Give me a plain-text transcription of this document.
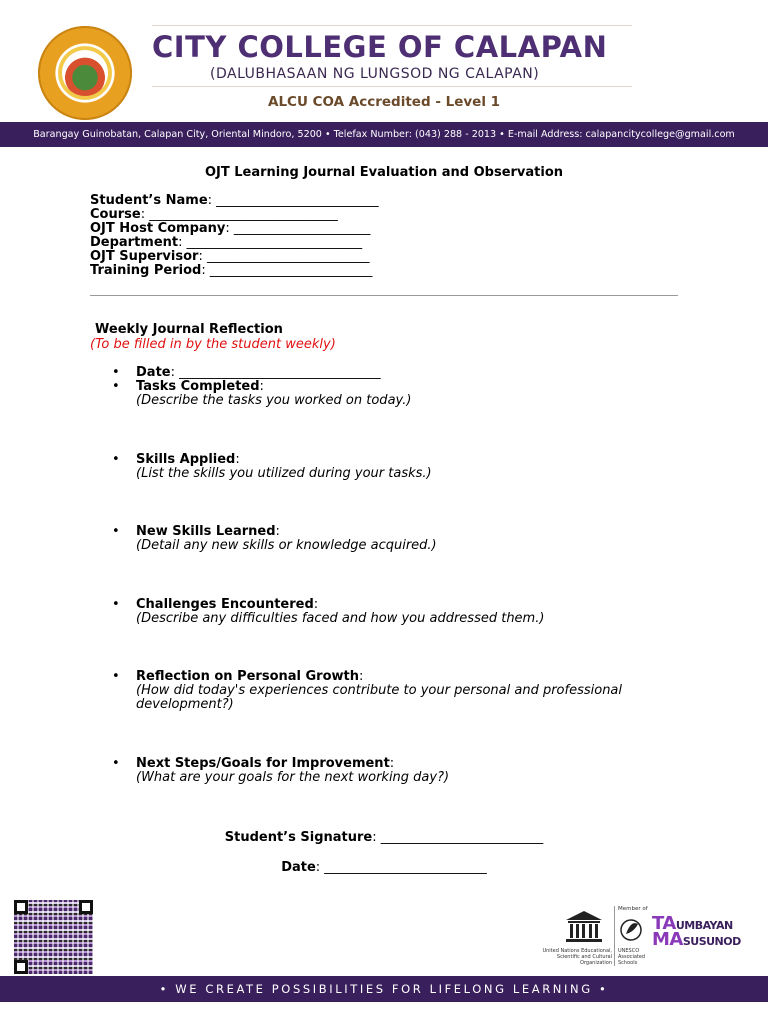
CITY COLLEGE OF CALAPAN
(DALUBHASAAN NG LUNGSOD NG CALAPAN)
ALCU COA Accredited - Level 1
Barangay Guinobatan, Calapan City, Oriental Mindoro, 5200 • Telefax Number: (043) 288 - 2013 • E-mail Address: calapancitycollege@gmail.com
OJT Learning Journal Evaluation and Observation
Student’s Name: _________________________
Course: _____________________________
OJT Host Company: _____________________
Department: ___________________________
OJT Supervisor: _________________________
Training Period: _________________________
Weekly Journal Reflection
(To be filled in by the student weekly)
• Date: _______________________________
• Tasks Completed:
(Describe the tasks you worked on today.)
• Skills Applied:
(List the skills you utilized during your tasks.)
• New Skills Learned:
(Detail any new skills or knowledge acquired.)
• Challenges Encountered:
(Describe any difficulties faced and how you addressed them.)
• Reflection on Personal Growth:
(How did today's experiences contribute to your personal and professional development?)
• Next Steps/Goals for Improvement:
(What are your goals for the next working day?)
Student’s Signature: _________________________
Date: _________________________
United Nations Educational, Scientific and Cultural Organization
Member of
UNESCO Associated Schools
TAUMBAYAN
MASUSUNOD
• WE CREATE POSSIBILITIES FOR LIFELONG LEARNING •
